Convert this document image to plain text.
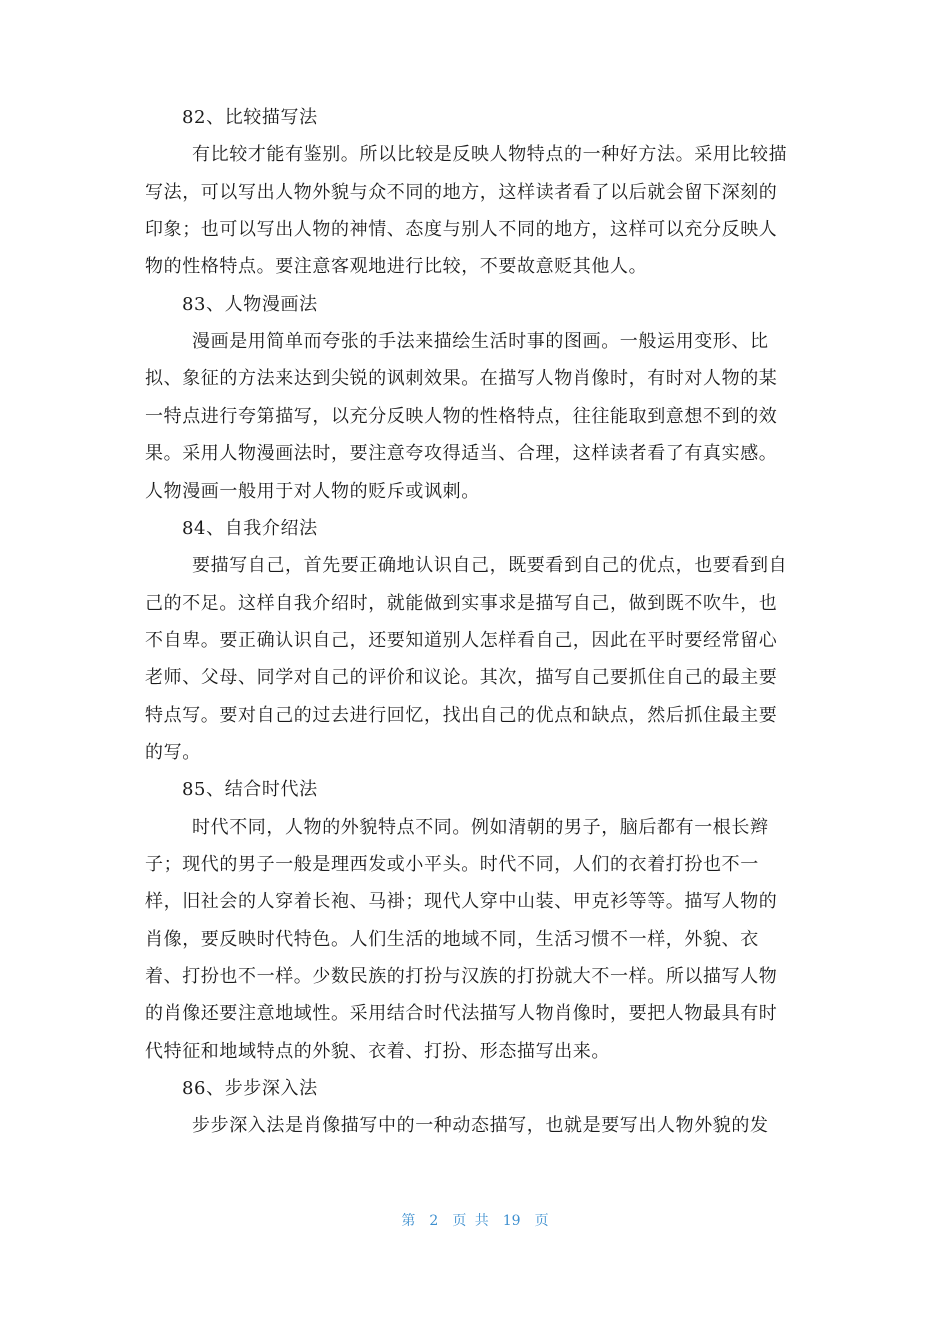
82、比较描写法
有比较才能有鉴别。所以比较是反映人物特点的一种好方法。采用比较描
写法，可以写出人物外貌与众不同的地方，这样读者看了以后就会留下深刻的
印象；也可以写出人物的神情、态度与别人不同的地方，这样可以充分反映人
物的性格特点。要注意客观地进行比较，不要故意贬其他人。
83、人物漫画法
漫画是用简单而夸张的手法来描绘生活时事的图画。一般运用变形、比
拟、象征的方法来达到尖锐的讽刺效果。在描写人物肖像时，有时对人物的某
一特点进行夸第描写，以充分反映人物的性格特点，往往能取到意想不到的效
果。采用人物漫画法时，要注意夸攻得适当、合理，这样读者看了有真实感。
人物漫画一般用于对人物的贬斥或讽刺。
84、自我介绍法
要描写自己，首先要正确地认识自己，既要看到自己的优点，也要看到自
己的不足。这样自我介绍时，就能做到实事求是描写自己，做到既不吹牛，也
不自卑。要正确认识自己，还要知道别人怎样看自己，因此在平时要经常留心
老师、父母、同学对自己的评价和议论。其次，描写自己要抓住自己的最主要
特点写。要对自己的过去进行回忆，找出自己的优点和缺点，然后抓住最主要
的写。
85、结合时代法
时代不同，人物的外貌特点不同。例如清朝的男子，脑后都有一根长辫
子；现代的男子一般是理西发或小平头。时代不同，人们的衣着打扮也不一
样，旧社会的人穿着长袍、马褂；现代人穿中山装、甲克衫等等。描写人物的
肖像，要反映时代特色。人们生活的地域不同，生活习惯不一样，外貌、衣
着、打扮也不一样。少数民族的打扮与汉族的打扮就大不一样。所以描写人物
的肖像还要注意地域性。采用结合时代法描写人物肖像时，要把人物最具有时
代特征和地域特点的外貌、衣着、打扮、形态描写出来。
86、步步深入法
步步深入法是肖像描写中的一种动态描写，也就是要写出人物外貌的发
第 2 页 共 19 页
